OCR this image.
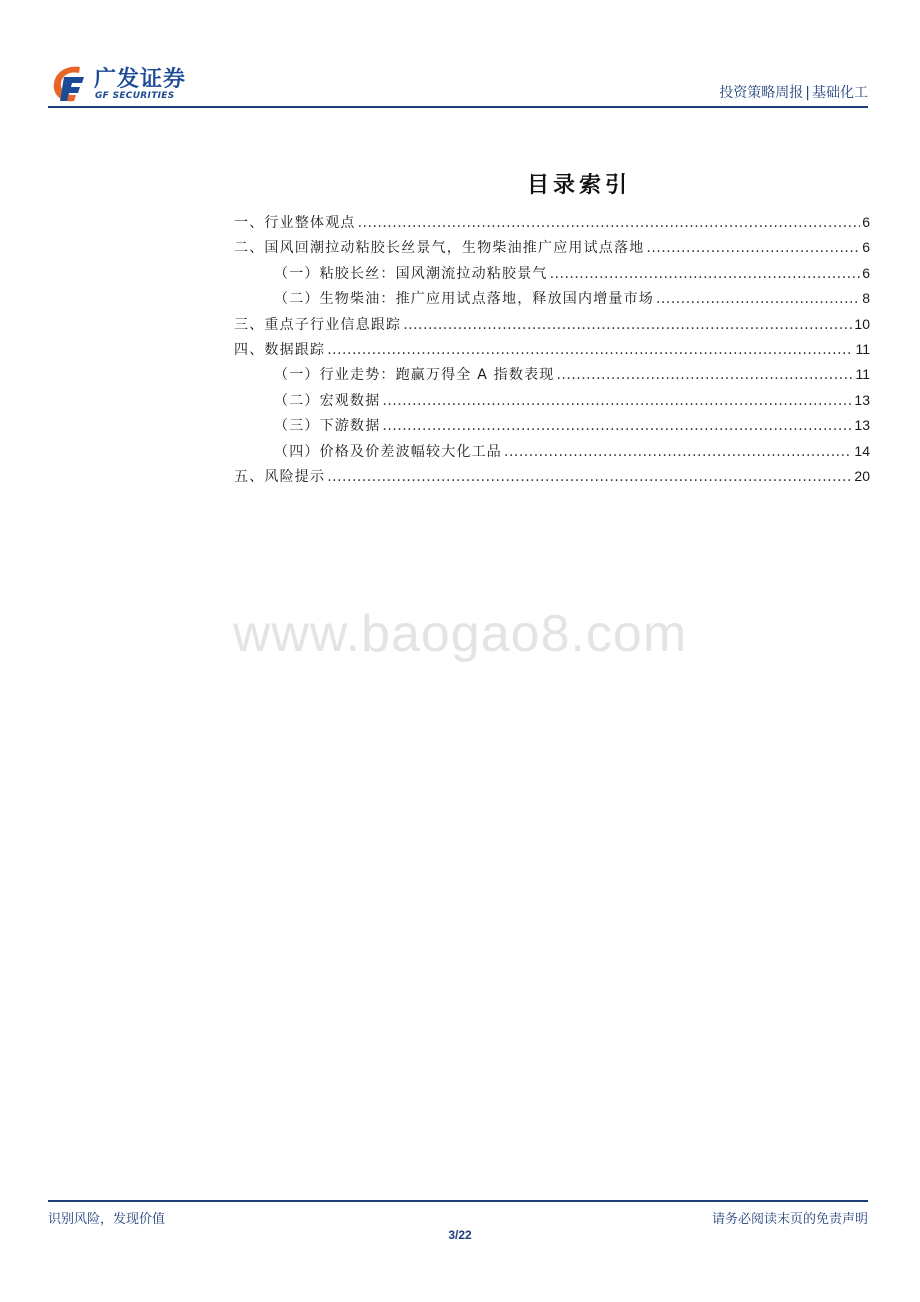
广发证券
GF SECURITIES	投资策略周报 | 基础化工
目录索引
一、行业整体观点 .....	6
二、国风回潮拉动粘胶长丝景气，生物柴油推广应用试点落地 .....	6
（一）粘胶长丝：国风潮流拉动粘胶景气 .....	6
（二）生物柴油：推广应用试点落地，释放国内增量市场 .....	8
三、重点子行业信息跟踪 .....	10
四、数据跟踪 .....	11
（一）行业走势：跑赢万得全 A 指数表现 .....	11
（二）宏观数据 .....	13
（三）下游数据 .....	13
（四）价格及价差波幅较大化工品 .....	14
五、风险提示 .....	20
www.baogao8.com
识别风险，发现价值	请务必阅读末页的免责声明
3/22
